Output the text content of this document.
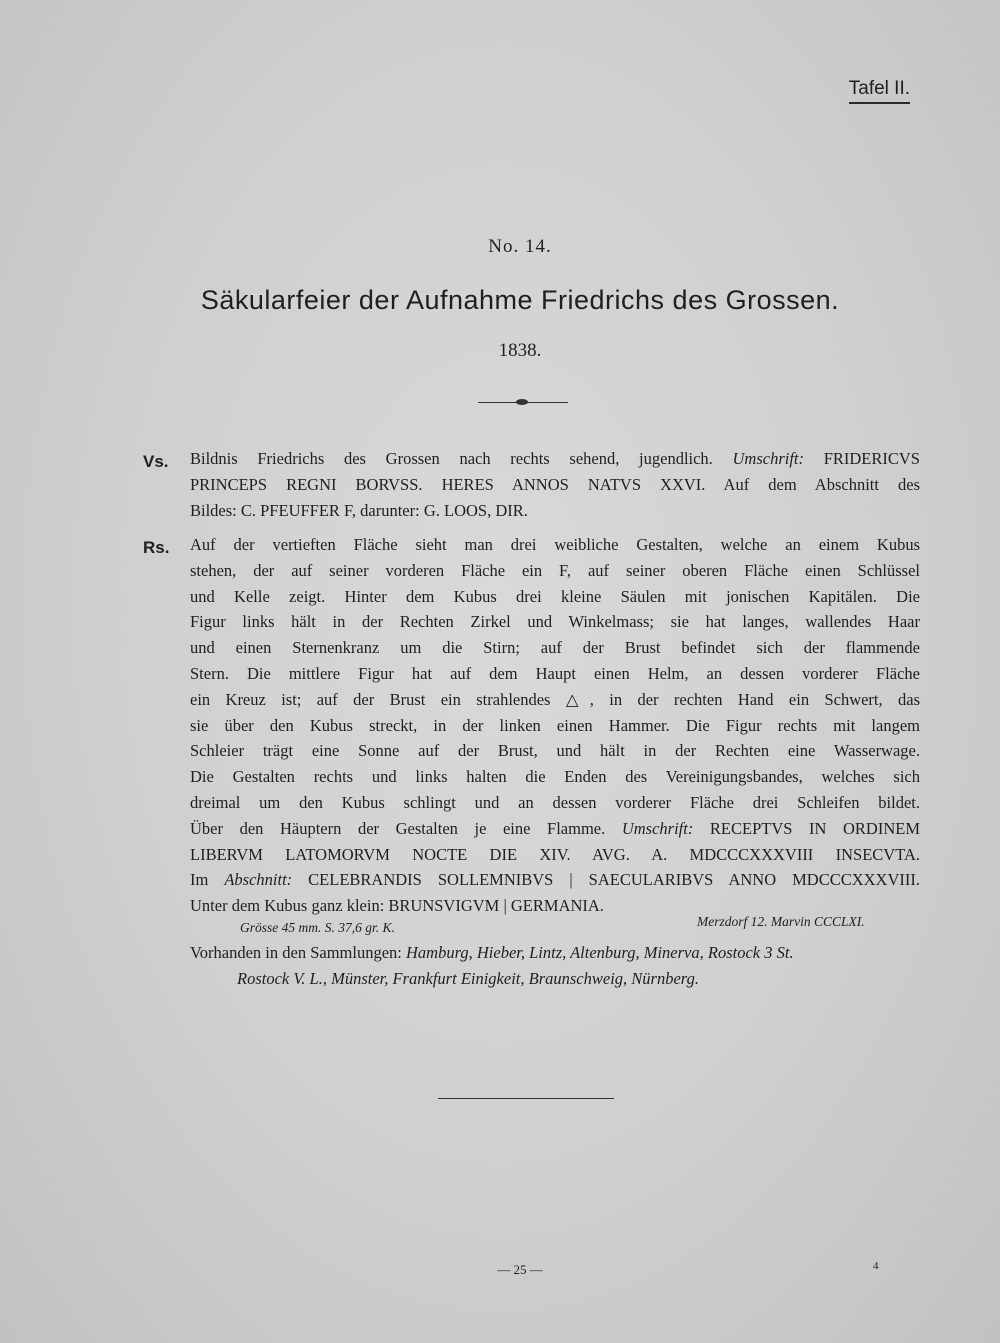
Tafel II.
No. 14.
Säkularfeier der Aufnahme Friedrichs des Grossen.
1838.
Vs. Bildnis Friedrichs des Grossen nach rechts sehend, jugendlich. Umschrift: FRIDERICVS
PRINCEPS REGNI BORVSS. HERES ANNOS NATVS XXVI. Auf dem Abschnitt des
Bildes: C. PFEUFFER F, darunter: G. LOOS, DIR.
Rs. Auf der vertieften Fläche sieht man drei weibliche Gestalten, welche an einem Kubus
stehen, der auf seiner vorderen Fläche ein F, auf seiner oberen Fläche einen Schlüssel
und Kelle zeigt. Hinter dem Kubus drei kleine Säulen mit jonischen Kapitälen. Die
Figur links hält in der Rechten Zirkel und Winkelmass; sie hat langes, wallendes Haar
und einen Sternenkranz um die Stirn; auf der Brust befindet sich der flammende
Stern. Die mittlere Figur hat auf dem Haupt einen Helm, an dessen vorderer Fläche
ein Kreuz ist; auf der Brust ein strahlendes △, in der rechten Hand ein Schwert, das
sie über den Kubus streckt, in der linken einen Hammer. Die Figur rechts mit langem
Schleier trägt eine Sonne auf der Brust, und hält in der Rechten eine Wasserwage.
Die Gestalten rechts und links halten die Enden des Vereinigungsbandes, welches sich
dreimal um den Kubus schlingt und an dessen vorderer Fläche drei Schleifen bildet.
Über den Häuptern der Gestalten je eine Flamme. Umschrift: RECEPTVS IN ORDINEM
LIBERVM LATOMORVM NOCTE DIE XIV. AVG. A. MDCCCXXXVIII INSECVTA.
Im Abschnitt: CELEBRANDIS SOLLEMNIBVS | SAECULARIBVS ANNO MDCCCXXXVIII.
Unter dem Kubus ganz klein: BRUNSVIGVM | GERMANIA.
Grösse 45 mm. S. 37,6 gr. K.	Merzdorf 12. Marvin CCCLXI.
Vorhanden in den Sammlungen: Hamburg, Hieber, Lintz, Altenburg, Minerva, Rostock 3 St.
Rostock V. L., Münster, Frankfurt Einigkeit, Braunschweig, Nürnberg.
— 25 —	4
